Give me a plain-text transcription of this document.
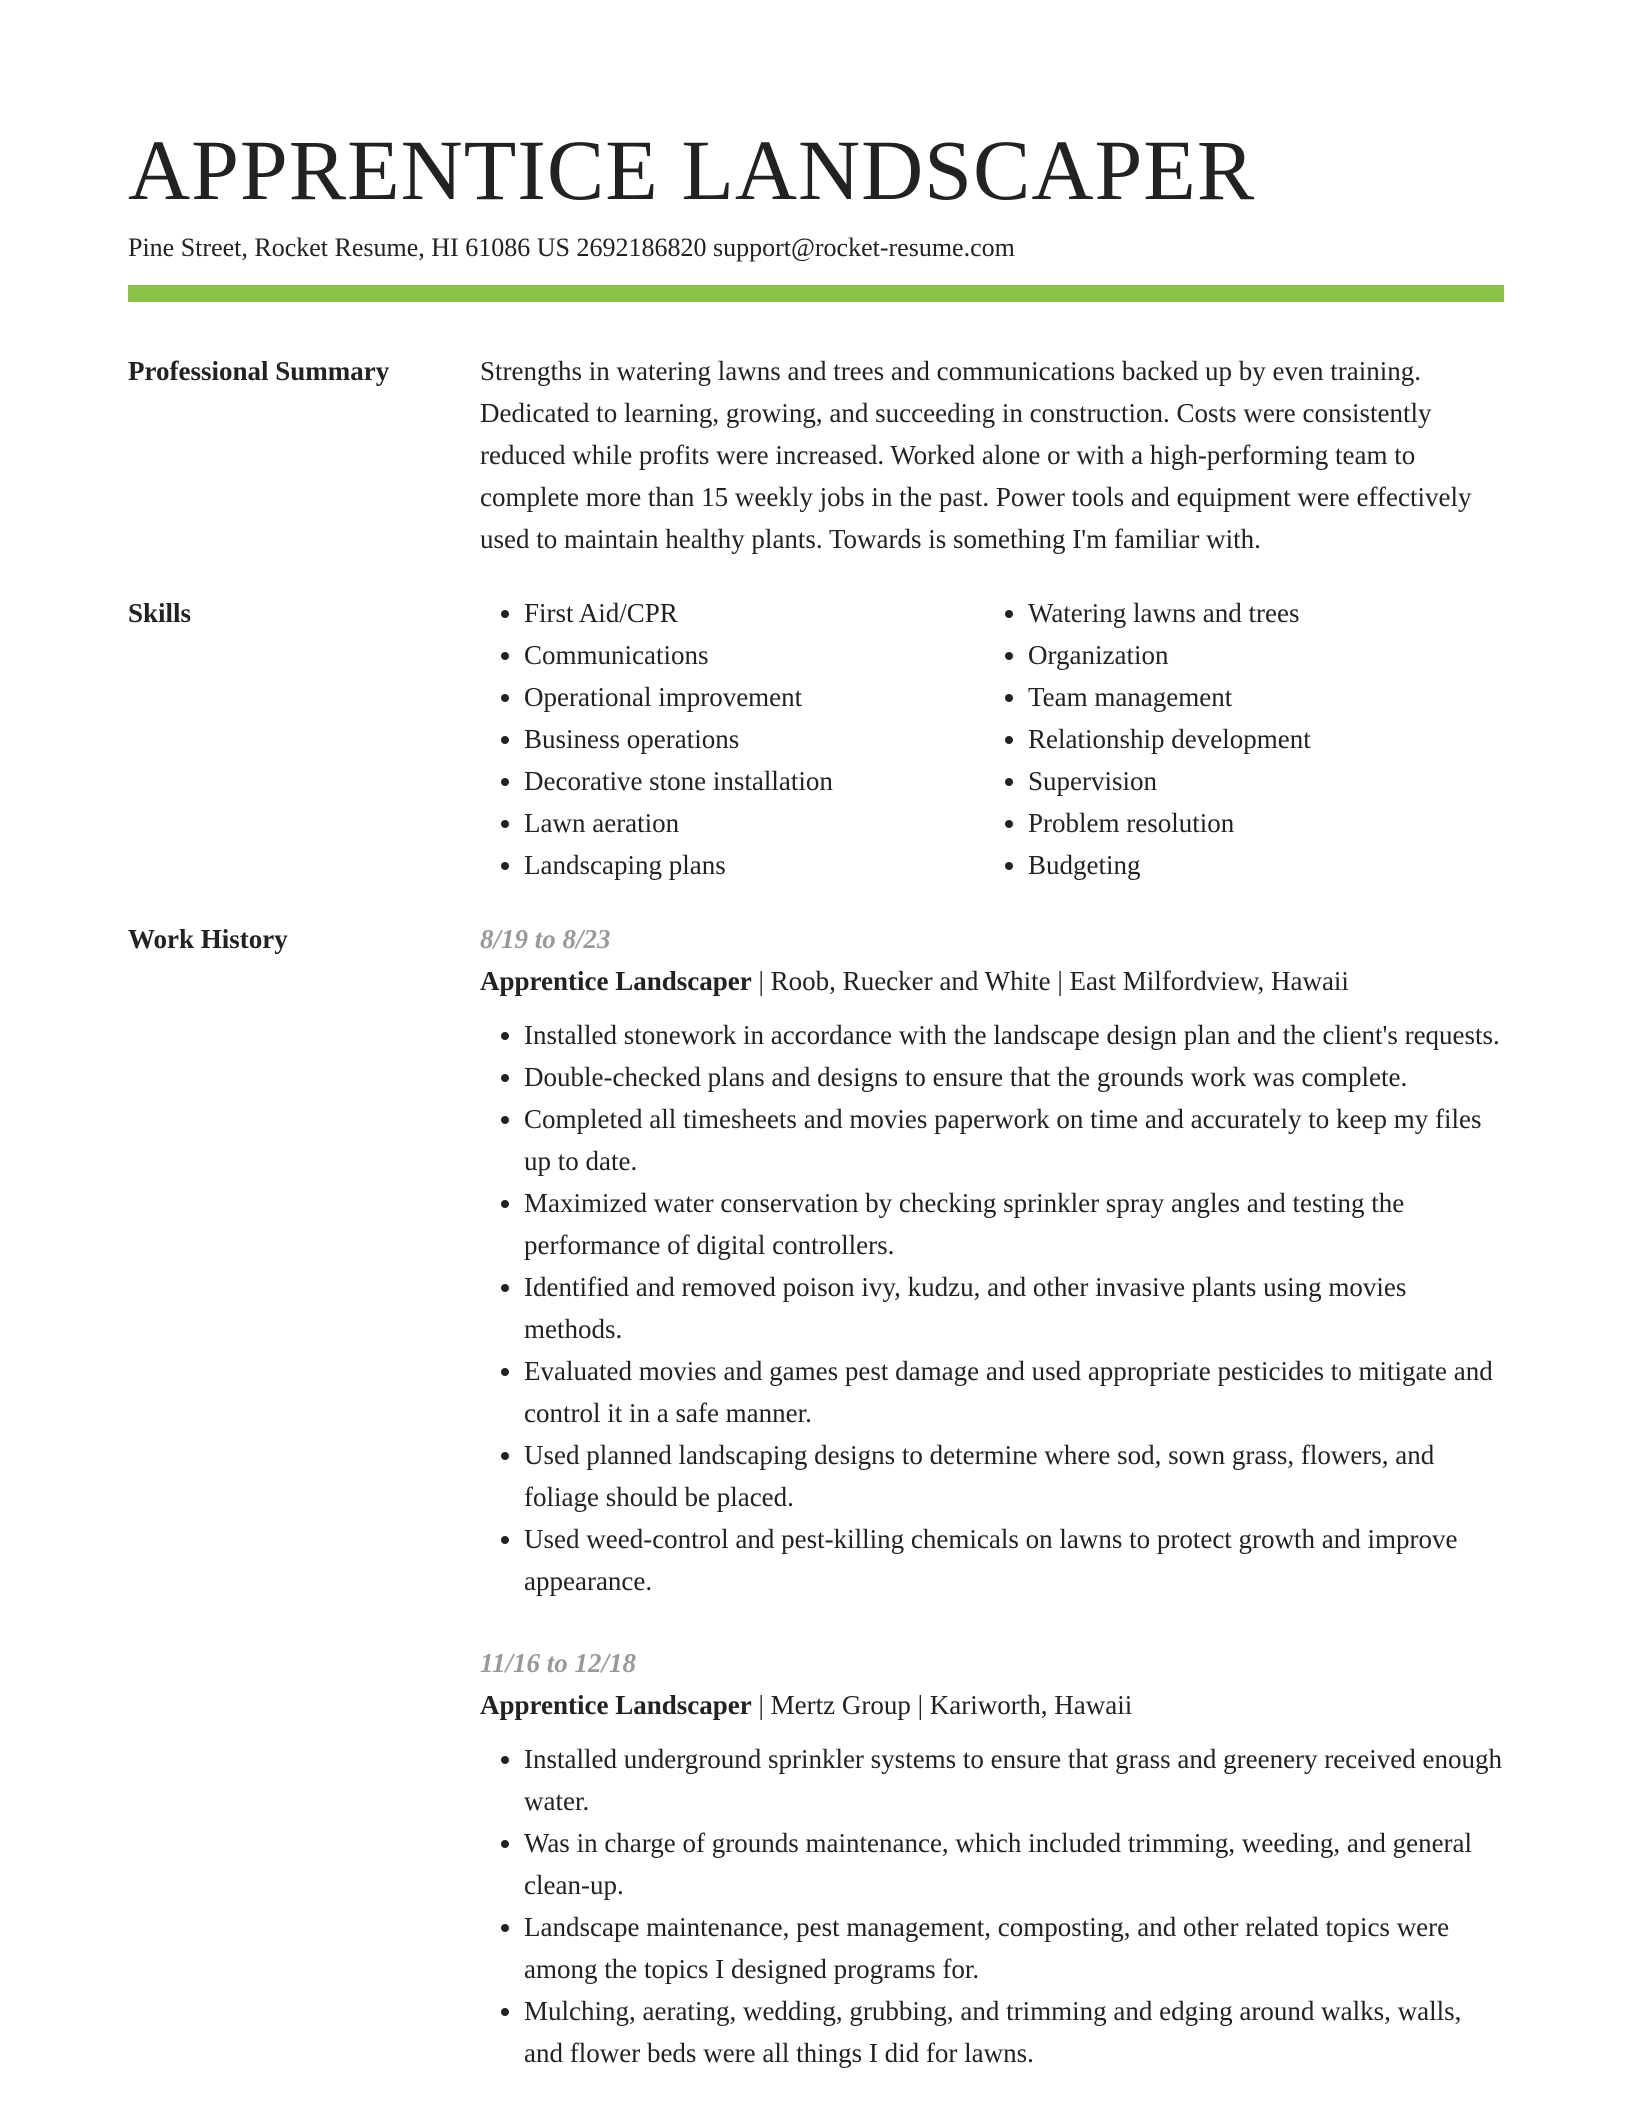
APPRENTICE LANDSCAPER
Pine Street, Rocket Resume, HI 61086 US 2692186820 support@rocket-resume.com
Professional Summary	Strengths in watering lawns and trees and communications backed up by even training. Dedicated to learning, growing, and succeeding in construction. Costs were consistently reduced while profits were increased. Worked alone or with a high-performing team to complete more than 15 weekly jobs in the past. Power tools and equipment were effectively used to maintain healthy plants. Towards is something I'm familiar with.

Skills
•	First Aid/CPR
• Communications
• Operational improvement
• Business operations
• Decorative stone installation
• Lawn aeration
• Landscaping plans
• Watering lawns and trees
• Organization
• Team management
• Relationship development
• Supervision
• Problem resolution
• Budgeting
Work History	8/19 to 8/23
Apprentice Landscaper | Roob, Ruecker and White | East Milfordview, Hawaii
• Installed stonework in accordance with the landscape design plan and the client's requests.
• Double-checked plans and designs to ensure that the grounds work was complete.
• Completed all timesheets and movies paperwork on time and accurately to keep my files up to date.
• Maximized water conservation by checking sprinkler spray angles and testing the performance of digital controllers.
• Identified and removed poison ivy, kudzu, and other invasive plants using movies methods.
• Evaluated movies and games pest damage and used appropriate pesticides to mitigate and control it in a safe manner.
• Used planned landscaping designs to determine where sod, sown grass, flowers, and foliage should be placed.
• Used weed-control and pest-killing chemicals on lawns to protect growth and improve appearance.
11/16 to 12/18
Apprentice Landscaper | Mertz Group | Kariworth, Hawaii
• Installed underground sprinkler systems to ensure that grass and greenery received enough water.
• Was in charge of grounds maintenance, which included trimming, weeding, and general clean-up.
• Landscape maintenance, pest management, composting, and other related topics were among the topics I designed programs for.
• Mulching, aerating, wedding, grubbing, and trimming and edging around walks, walls, and flower beds were all things I did for lawns.
